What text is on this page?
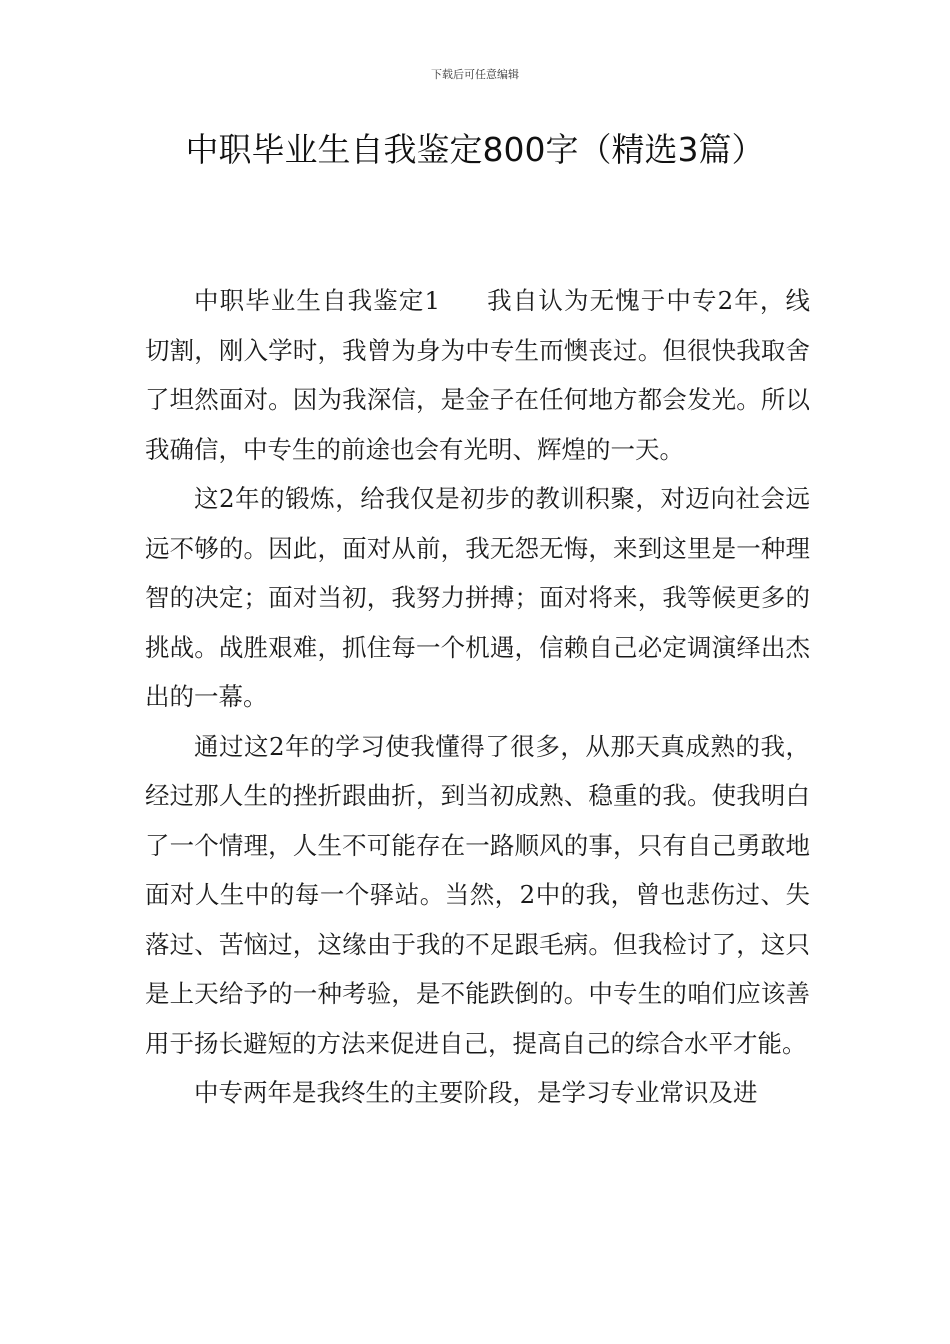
下载后可任意编辑
中职毕业生自我鉴定800字（精选3篇）

中职毕业生自我鉴定1 我自认为无愧于中专2年，线切割，刚入学时，我曾为身为中专生而懊丧过。但很快我取舍了坦然面对。因为我深信，是金子在任何地方都会发光。所以我确信，中专生的前途也会有光明、辉煌的一天。

这2年的锻炼，给我仅是初步的教训积聚，对迈向社会远远不够的。因此，面对从前，我无怨无悔，来到这里是一种理智的决定；面对当初，我努力拼搏；面对将来，我等候更多的挑战。战胜艰难，抓住每一个机遇，信赖自己必定调演绎出杰出的一幕。

通过这2年的学习使我懂得了很多，从那天真成熟的我，经过那人生的挫折跟曲折，到当初成熟、稳重的我。使我明白了一个情理，人生不可能存在一路顺风的事，只有自己勇敢地面对人生中的每一个驿站。当然，2中的我，曾也悲伤过、失落过、苦恼过，这缘由于我的不足跟毛病。但我检讨了，这只是上天给予的一种考验，是不能跌倒的。中专生的咱们应该善用于扬长避短的方法来促进自己，提高自己的综合水平才能。

中专两年是我终生的主要阶段，是学习专业常识及进
